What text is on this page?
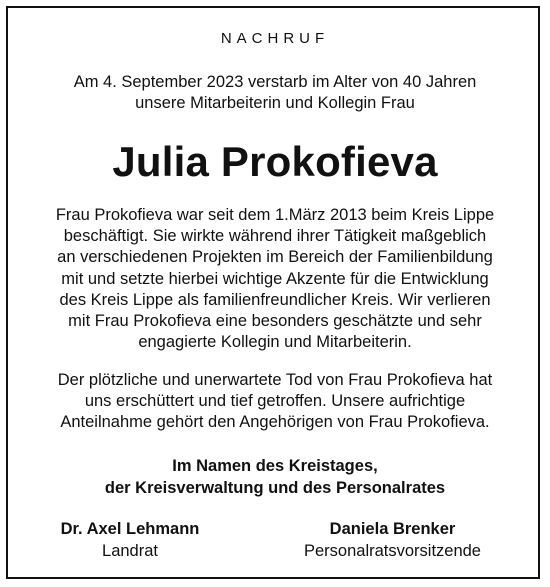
NACHRUF
Am 4. September 2023 verstarb im Alter von 40 Jahren
unsere Mitarbeiterin und Kollegin Frau
Julia Prokofieva
Frau Prokofieva war seit dem 1.März 2013 beim Kreis Lippe
beschäftigt. Sie wirkte während ihrer Tätigkeit maßgeblich
an verschiedenen Projekten im Bereich der Familienbildung
mit und setzte hierbei wichtige Akzente für die Entwicklung
des Kreis Lippe als familienfreundlicher Kreis. Wir verlieren
mit Frau Prokofieva eine besonders geschätzte und sehr
engagierte Kollegin und Mitarbeiterin.
Der plötzliche und unerwartete Tod von Frau Prokofieva hat
uns erschüttert und tief getroffen. Unsere aufrichtige
Anteilnahme gehört den Angehörigen von Frau Prokofieva.
Im Namen des Kreistages,
der Kreisverwaltung und des Personalrates
Dr. Axel Lehmann
Landrat
Daniela Brenker
Personalratsvorsitzende
